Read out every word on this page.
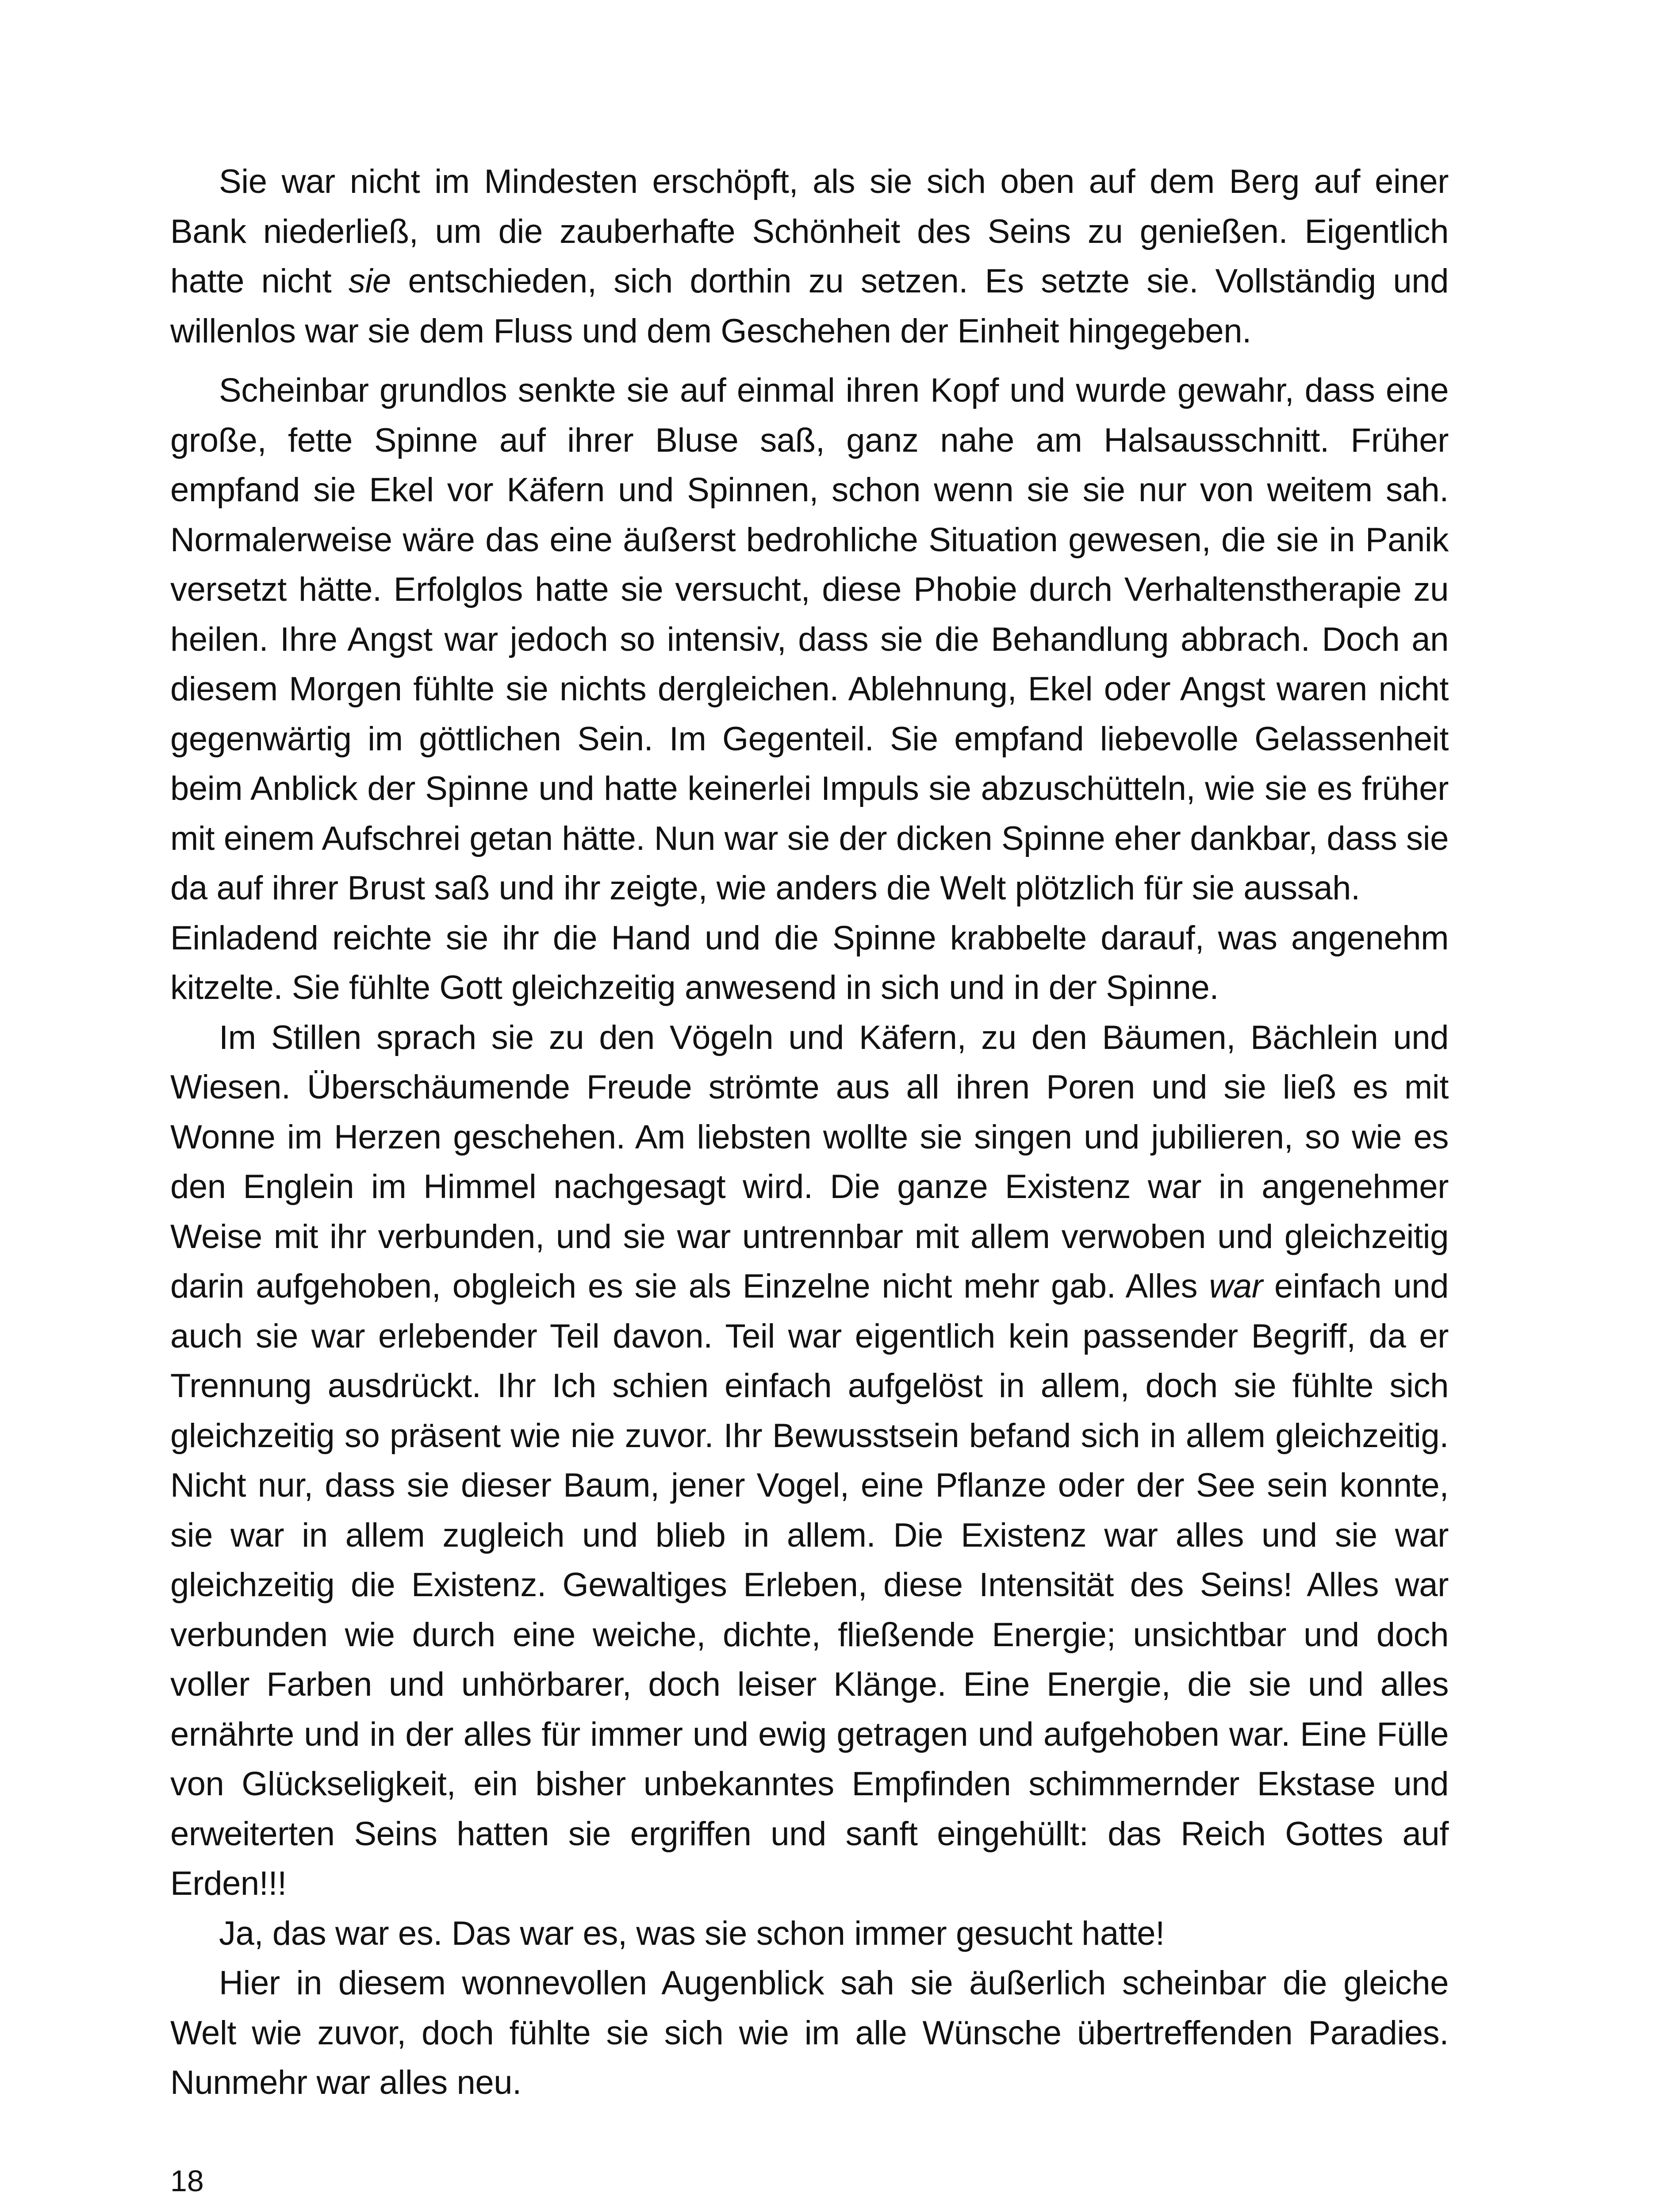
Sie war nicht im Mindesten erschöpft, als sie sich oben auf dem Berg auf einer Bank niederließ, um die zauberhafte Schönheit des Seins zu genießen. Eigentlich hatte nicht sie entschieden, sich dorthin zu setzen. Es setzte sie. Vollständig und willenlos war sie dem Fluss und dem Geschehen der Einheit hingegeben.

Scheinbar grundlos senkte sie auf einmal ihren Kopf und wurde gewahr, dass eine große, fette Spinne auf ihrer Bluse saß, ganz nahe am Halsausschnitt. Früher empfand sie Ekel vor Käfern und Spinnen, schon wenn sie sie nur von weitem sah. Normalerweise wäre das eine äußerst bedrohliche Situation gewesen, die sie in Panik versetzt hätte. Erfolglos hatte sie versucht, diese Phobie durch Verhaltenstherapie zu heilen. Ihre Angst war jedoch so intensiv, dass sie die Behandlung abbrach. Doch an diesem Morgen fühlte sie nichts dergleichen. Ablehnung, Ekel oder Angst waren nicht gegenwärtig im göttlichen Sein. Im Gegenteil. Sie empfand liebevolle Gelassenheit beim Anblick der Spinne und hatte keinerlei Impuls sie abzuschütteln, wie sie es früher mit einem Aufschrei getan hätte. Nun war sie der dicken Spinne eher dankbar, dass sie da auf ihrer Brust saß und ihr zeigte, wie anders die Welt plötzlich für sie aussah.

Einladend reichte sie ihr die Hand und die Spinne krabbelte darauf, was angenehm kitzelte. Sie fühlte Gott gleichzeitig anwesend in sich und in der Spinne.

Im Stillen sprach sie zu den Vögeln und Käfern, zu den Bäumen, Bächlein und Wiesen. Überschäumende Freude strömte aus all ihren Poren und sie ließ es mit Wonne im Herzen geschehen. Am liebsten wollte sie singen und jubilieren, so wie es den Englein im Himmel nachgesagt wird. Die ganze Existenz war in angenehmer Weise mit ihr verbunden, und sie war untrennbar mit allem verwoben und gleichzeitig darin aufgehoben, obgleich es sie als Einzelne nicht mehr gab. Alles war einfach und auch sie war erlebender Teil davon. Teil war eigentlich kein passender Begriff, da er Trennung ausdrückt. Ihr Ich schien einfach aufgelöst in allem, doch sie fühlte sich gleichzeitig so präsent wie nie zuvor. Ihr Bewusstsein befand sich in allem gleichzeitig. Nicht nur, dass sie dieser Baum, jener Vogel, eine Pflanze oder der See sein konnte, sie war in allem zugleich und blieb in allem. Die Existenz war alles und sie war gleichzeitig die Existenz. Gewaltiges Erleben, diese Intensität des Seins! Alles war verbunden wie durch eine weiche, dichte, fließende Energie; unsichtbar und doch voller Farben und unhörbarer, doch leiser Klänge. Eine Energie, die sie und alles ernährte und in der alles für immer und ewig getragen und aufgehoben war. Eine Fülle von Glückseligkeit, ein bisher unbekanntes Empfinden schimmernder Ekstase und erweiterten Seins hatten sie ergriffen und sanft eingehüllt: das Reich Gottes auf Erden!!!

Ja, das war es. Das war es, was sie schon immer gesucht hatte!

Hier in diesem wonnevollen Augenblick sah sie äußerlich scheinbar die gleiche Welt wie zuvor, doch fühlte sie sich wie im alle Wünsche übertreffenden Paradies. Nunmehr war alles neu.

18
